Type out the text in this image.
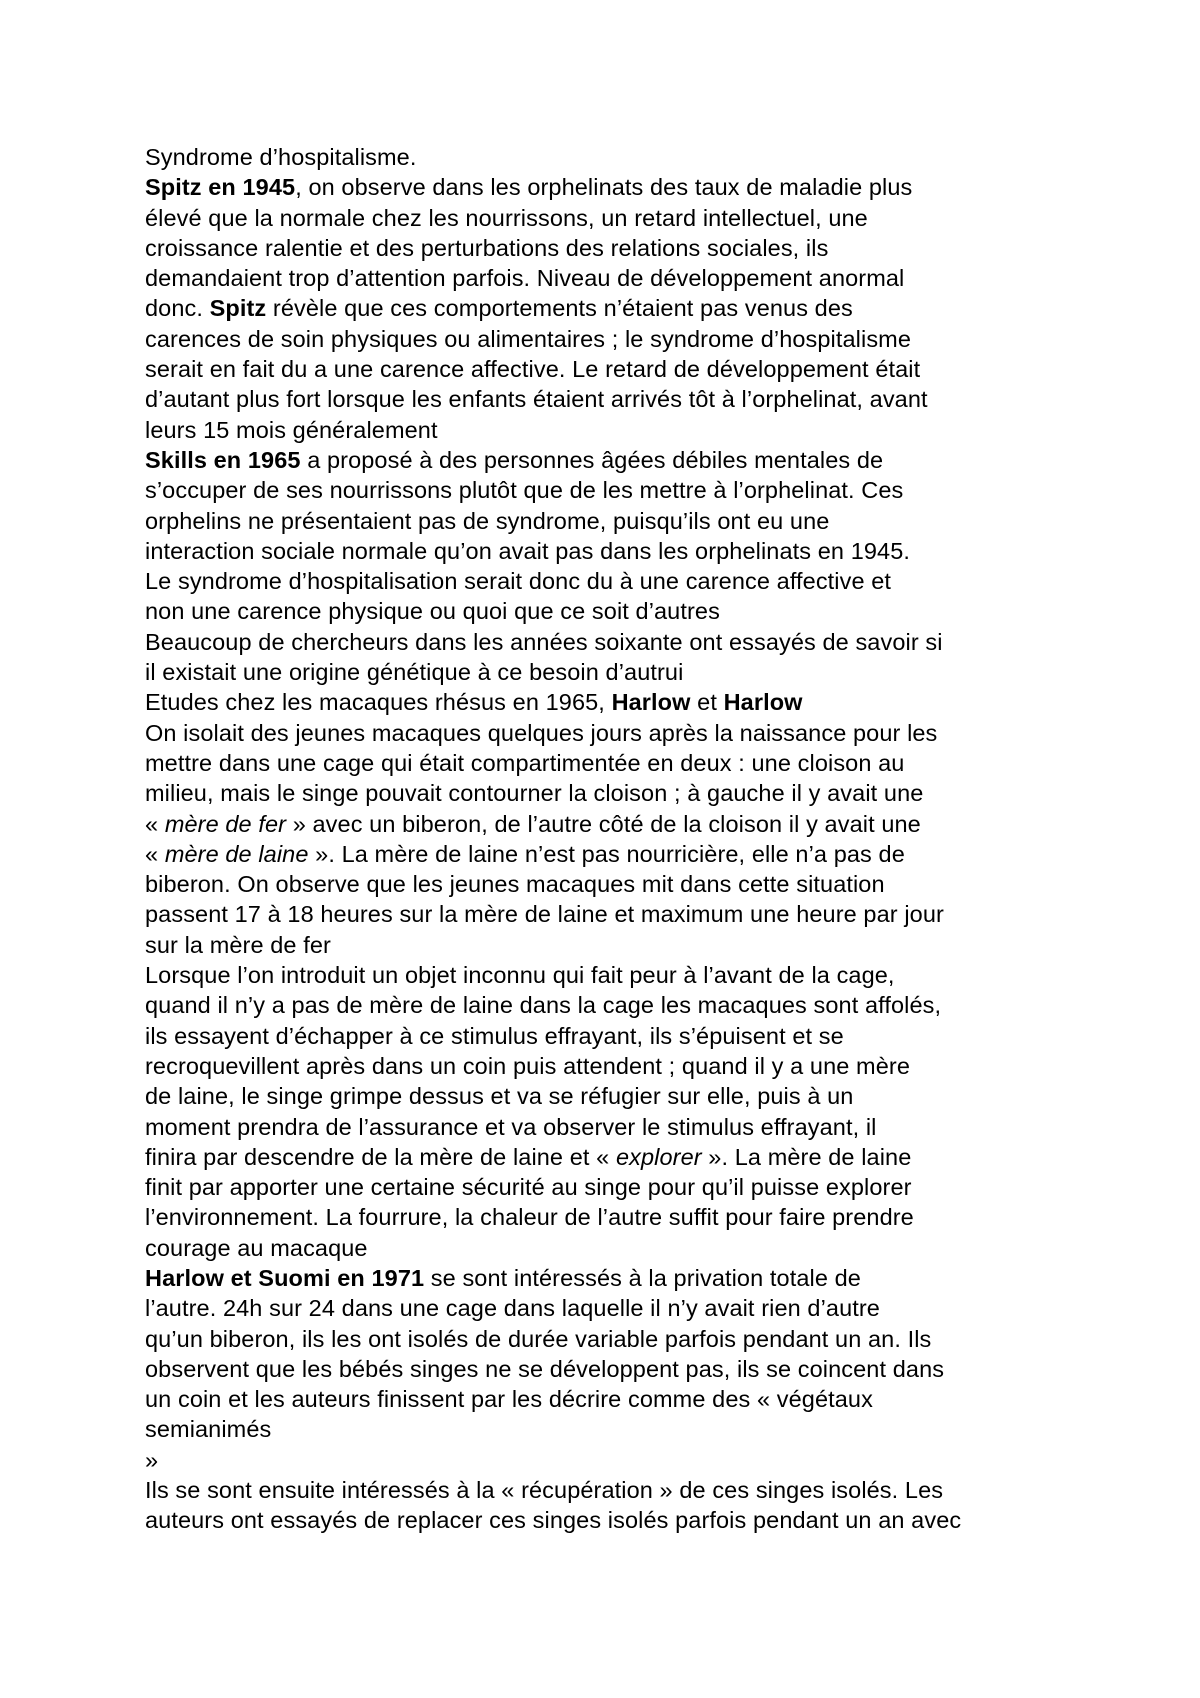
Syndrome d’hospitalisme.
Spitz en 1945, on observe dans les orphelinats des taux de maladie plus
élevé que la normale chez les nourrissons, un retard intellectuel, une
croissance ralentie et des perturbations des relations sociales, ils
demandaient trop d’attention parfois. Niveau de développement anormal
donc. Spitz révèle que ces comportements n’étaient pas venus des
carences de soin physiques ou alimentaires ; le syndrome d’hospitalisme
serait en fait du a une carence affective. Le retard de développement était
d’autant plus fort lorsque les enfants étaient arrivés tôt à l’orphelinat, avant
leurs 15 mois généralement
Skills en 1965 a proposé à des personnes âgées débiles mentales de
s’occuper de ses nourrissons plutôt que de les mettre à l’orphelinat. Ces
orphelins ne présentaient pas de syndrome, puisqu’ils ont eu une
interaction sociale normale qu’on avait pas dans les orphelinats en 1945.
Le syndrome d’hospitalisation serait donc du à une carence affective et
non une carence physique ou quoi que ce soit d’autres
Beaucoup de chercheurs dans les années soixante ont essayés de savoir si
il existait une origine génétique à ce besoin d’autrui
Etudes chez les macaques rhésus en 1965, Harlow et Harlow
On isolait des jeunes macaques quelques jours après la naissance pour les
mettre dans une cage qui était compartimentée en deux : une cloison au
milieu, mais le singe pouvait contourner la cloison ; à gauche il y avait une
« mère de fer » avec un biberon, de l’autre côté de la cloison il y avait une
« mère de laine ». La mère de laine n’est pas nourricière, elle n’a pas de
biberon. On observe que les jeunes macaques mit dans cette situation
passent 17 à 18 heures sur la mère de laine et maximum une heure par jour
sur la mère de fer
Lorsque l’on introduit un objet inconnu qui fait peur à l’avant de la cage,
quand il n’y a pas de mère de laine dans la cage les macaques sont affolés,
ils essayent d’échapper à ce stimulus effrayant, ils s’épuisent et se
recroquevillent après dans un coin puis attendent ; quand il y a une mère
de laine, le singe grimpe dessus et va se réfugier sur elle, puis à un
moment prendra de l’assurance et va observer le stimulus effrayant, il
finira par descendre de la mère de laine et « explorer ». La mère de laine
finit par apporter une certaine sécurité au singe pour qu’il puisse explorer
l’environnement. La fourrure, la chaleur de l’autre suffit pour faire prendre
courage au macaque
Harlow et Suomi en 1971 se sont intéressés à la privation totale de
l’autre. 24h sur 24 dans une cage dans laquelle il n’y avait rien d’autre
qu’un biberon, ils les ont isolés de durée variable parfois pendant un an. Ils
observent que les bébés singes ne se développent pas, ils se coincent dans
un coin et les auteurs finissent par les décrire comme des « végétaux
semianimés
»
Ils se sont ensuite intéressés à la « récupération » de ces singes isolés. Les
auteurs ont essayés de replacer ces singes isolés parfois pendant un an avec
